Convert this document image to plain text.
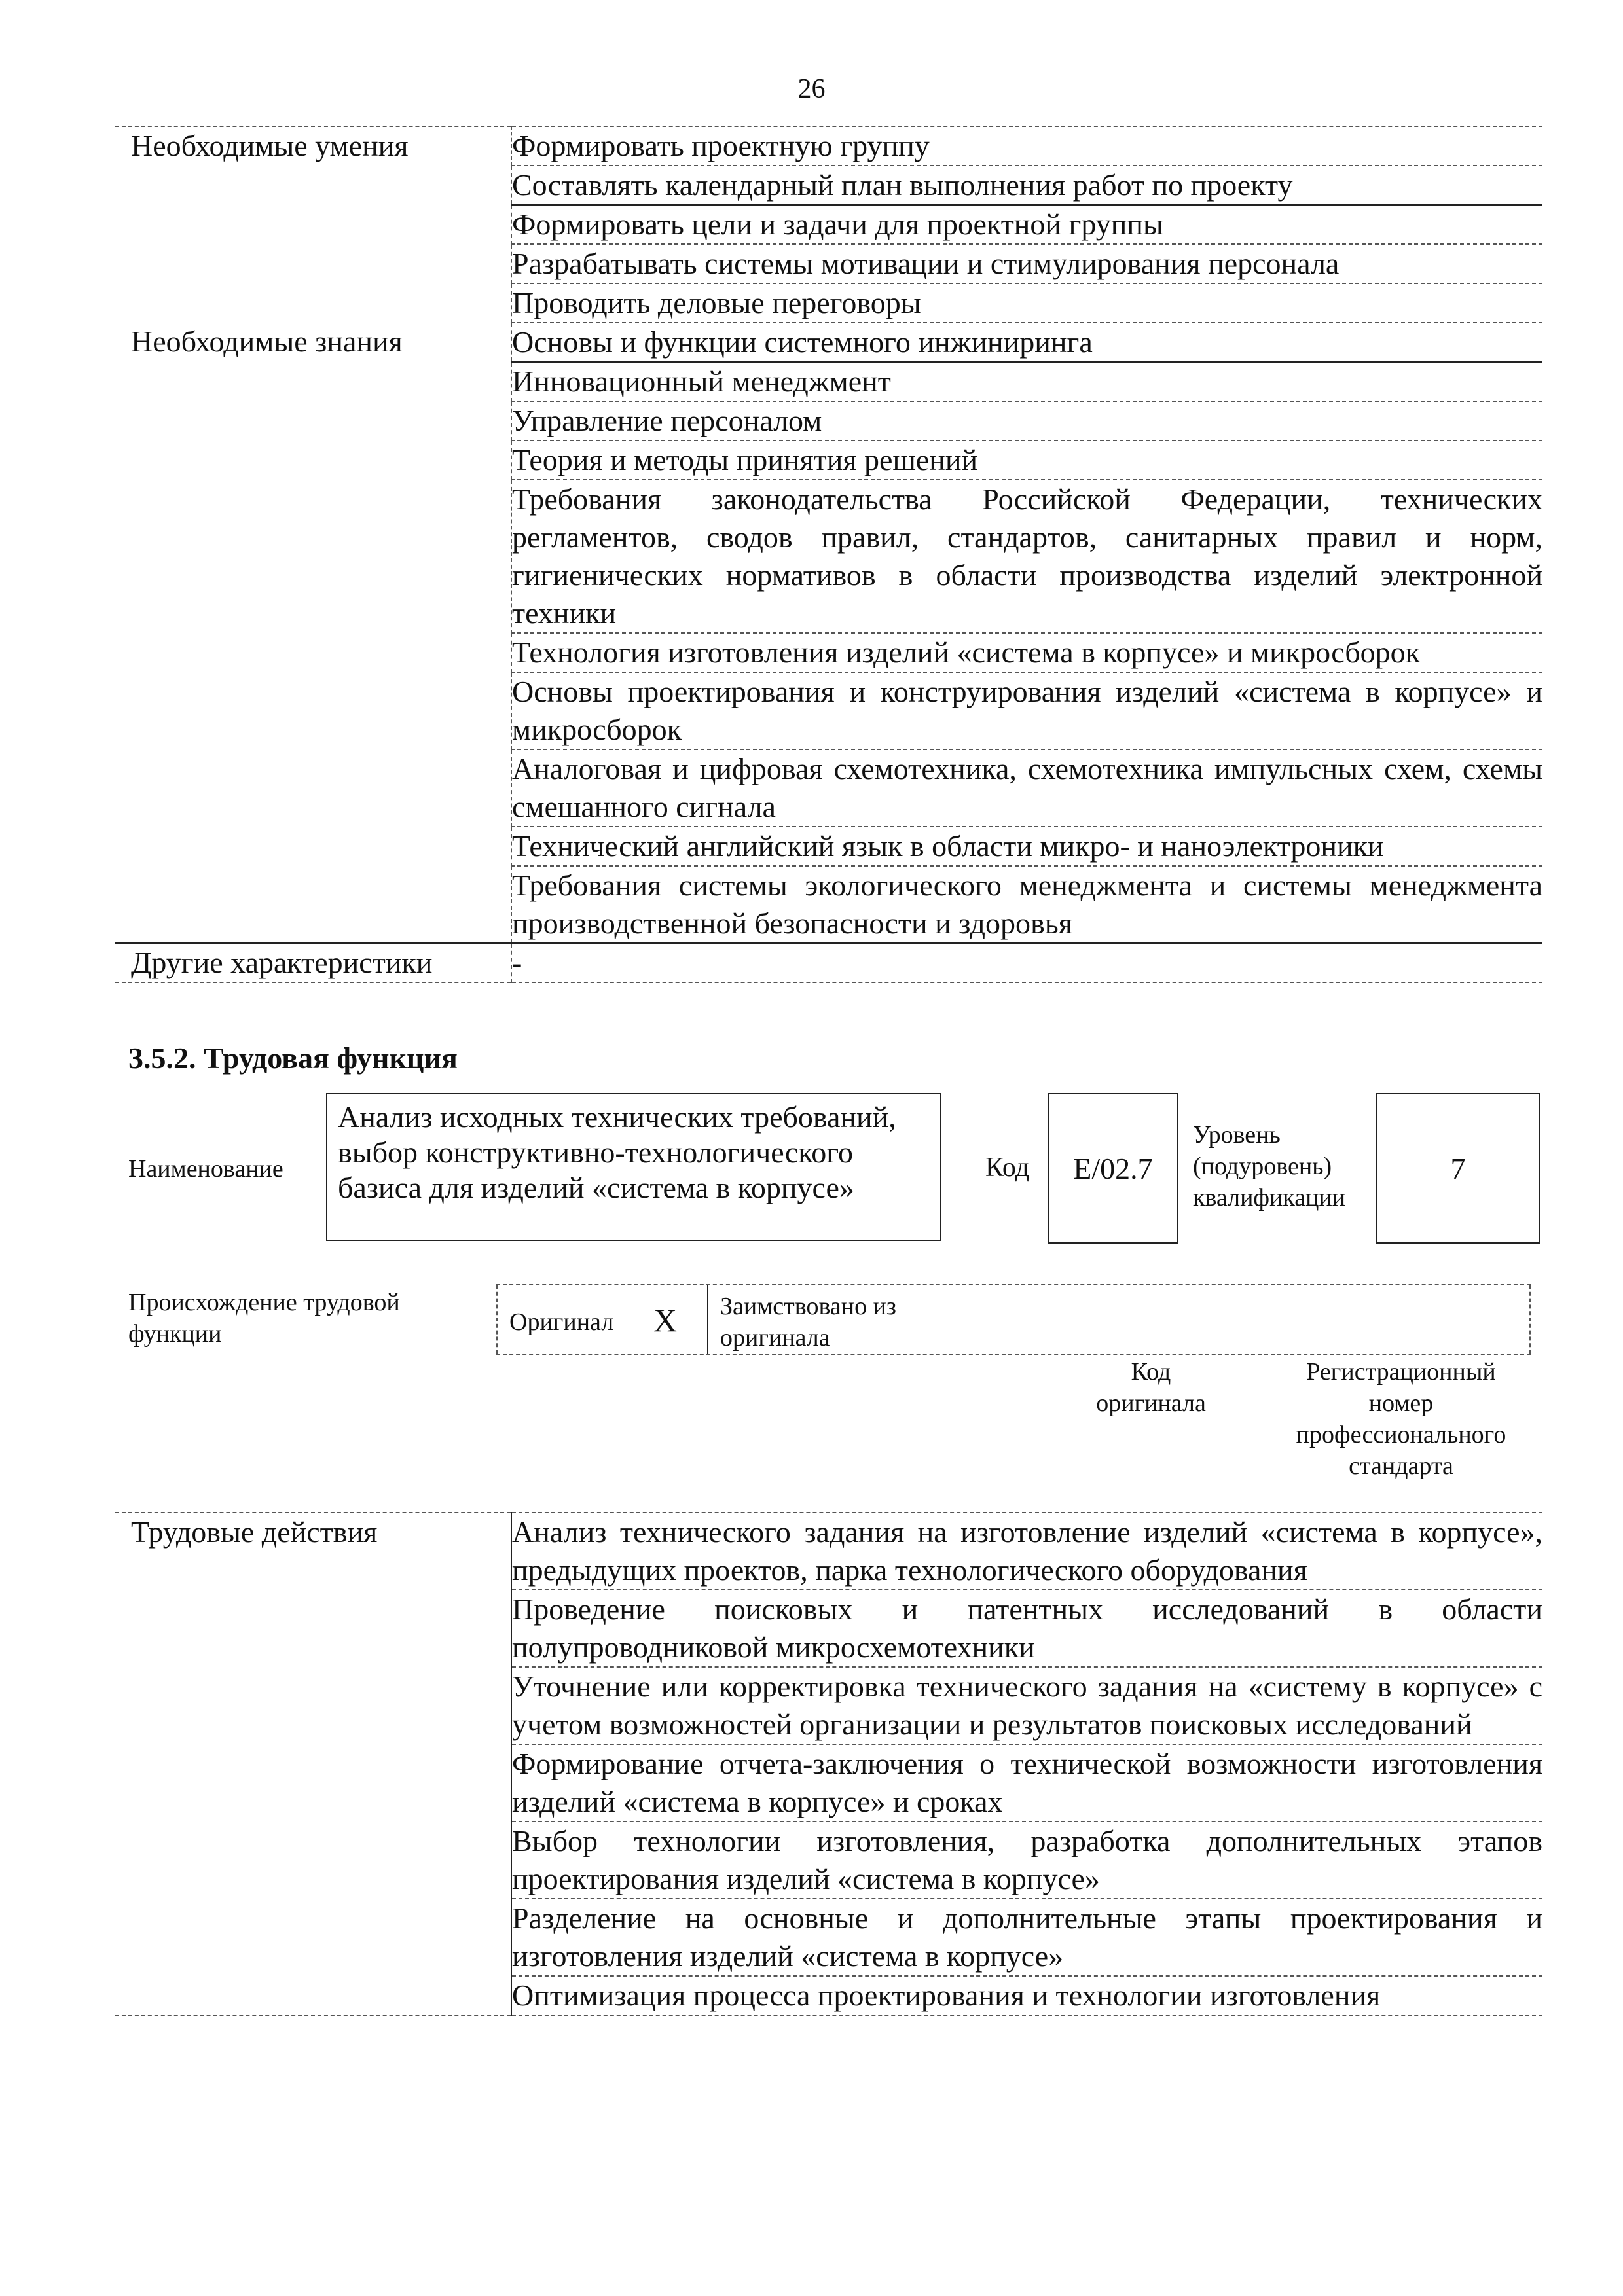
26
Необходимые умения	Формировать проектную группу
	Составлять календарный план выполнения работ по проекту
	Формировать цели и задачи для проектной группы
	Разрабатывать системы мотивации и стимулирования персонала
	Проводить деловые переговоры
Необходимые знания	Основы и функции системного инжиниринга
	Инновационный менеджмент
	Управление персоналом
	Теория и методы принятия решений
	Требования законодательства Российской Федерации, технических регламентов, сводов правил, стандартов, санитарных правил и норм, гигиенических нормативов в области производства изделий электронной техники
	Технология изготовления изделий «система в корпусе» и микросборок
	Основы проектирования и конструирования изделий «система в корпусе» и микросборок
	Аналоговая и цифровая схемотехника, схемотехника импульсных схем, схемы смешанного сигнала
	Технический английский язык в области микро- и наноэлектроники
	Требования системы экологического менеджмента и системы менеджмента производственной безопасности и здоровья
Другие характеристики	-
3.5.2. Трудовая функция
Наименование
Анализ исходных технических требований, выбор конструктивно-технологического базиса для изделий «система в корпусе»
Код	E/02.7
Уровень
(подуровень)
квалификации
7
Происхождение трудовой
функции	Оригинал X Заимствовано из
оригинала
Код
оригинала
Регистрационный
номер
профессионального
стандарта
Трудовые действия	Анализ технического задания на изготовление изделий «система в корпусе», предыдущих проектов, парка технологического оборудования
Проведение поисковых и патентных исследований в области полупроводниковой микросхемотехники
Уточнение или корректировка технического задания на «систему в корпусе» с учетом возможностей организации и результатов поисковых исследований
Формирование отчета-заключения о технической возможности изготовления изделий «система в корпусе» и сроках
Выбор технологии изготовления, разработка дополнительных этапов проектирования изделий «система в корпусе»
Разделение на основные и дополнительные этапы проектирования и изготовления изделий «система в корпусе»
Оптимизация процесса проектирования и технологии изготовления
